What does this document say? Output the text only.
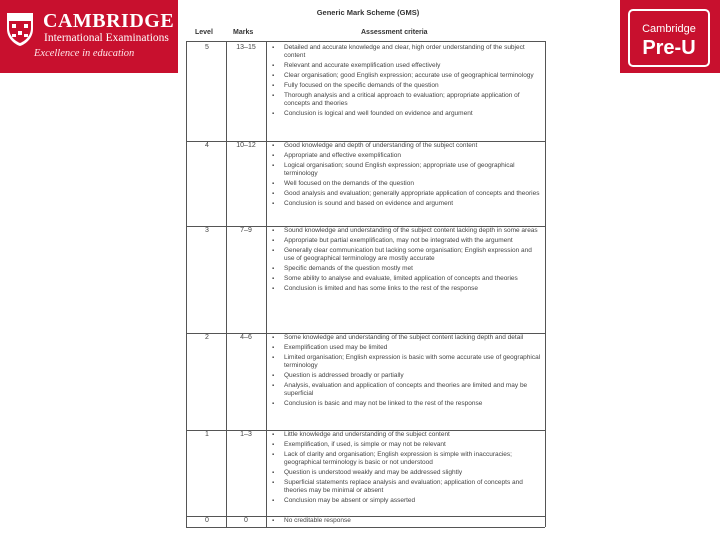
CAMBRIDGE
International Examinations
Excellence in education
Cambridge
Pre-U
Generic Mark Scheme (GMS)
Level	Marks	Assessment criteria
5	13–15	▪ Detailed and accurate knowledge and clear, high order understanding of the subject content
▪ Relevant and accurate exemplification used effectively
▪ Clear organisation; good English expression; accurate use of geographical terminology
▪ Fully focused on the specific demands of the question
▪ Thorough analysis and a critical approach to evaluation; appropriate application of concepts and theories
▪ Conclusion is logical and well founded on evidence and argument
4	10–12	▪ Good knowledge and depth of understanding of the subject content
▪ Appropriate and effective exemplification
▪ Logical organisation; sound English expression; appropriate use of geographical terminology
▪ Well focused on the demands of the question
▪ Good analysis and evaluation; generally appropriate application of concepts and theories
▪ Conclusion is sound and based on evidence and argument
3	7–9	▪ Sound knowledge and understanding of the subject content lacking depth in some areas
▪ Appropriate but partial exemplification, may not be integrated with the argument
▪ Generally clear communication but lacking some organisation; English expression and use of geographical terminology are mostly accurate
▪ Specific demands of the question mostly met
▪ Some ability to analyse and evaluate, limited application of concepts and theories
▪ Conclusion is limited and has some links to the rest of the response
2	4–6	▪ Some knowledge and understanding of the subject content lacking depth and detail
▪ Exemplification used may be limited
▪ Limited organisation; English expression is basic with some accurate use of geographical terminology
▪ Question is addressed broadly or partially
▪ Analysis, evaluation and application of concepts and theories are limited and may be superficial
▪ Conclusion is basic and may not be linked to the rest of the response
1	1–3	▪ Little knowledge and understanding of the subject content
▪ Exemplification, if used, is simple or may not be relevant
▪ Lack of clarity and organisation; English expression is simple with inaccuracies; geographical terminology is basic or not understood
▪ Question is understood weakly and may be addressed slightly
▪ Superficial statements replace analysis and evaluation; application of concepts and theories may be minimal or absent
▪ Conclusion may be absent or simply asserted
0	0	▪ No creditable response
